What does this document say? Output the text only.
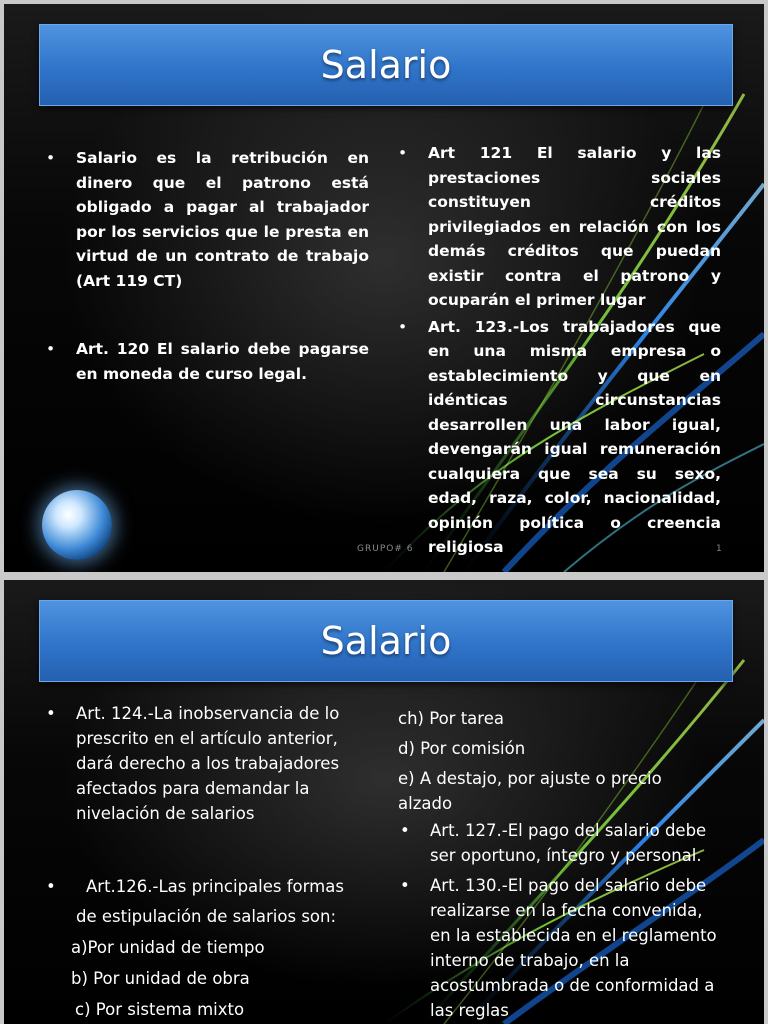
Salario
• Salario es la retribución en dinero que el patrono está obligado a pagar al trabajador por los servicios que le presta en virtud de un contrato de trabajo (Art 119 CT)
• Art. 120 El salario debe pagarse en moneda de curso legal.
• Art 121 El salario y las prestaciones sociales constituyen créditos privilegiados en relación con los demás créditos que puedan existir contra el patrono y ocuparán el primer lugar
• Art. 123.-Los trabajadores que en una misma empresa o establecimiento y que en idénticas circunstancias desarrollen una labor igual, devengarán igual remuneración cualquiera que sea su sexo, edad, raza, color, nacionalidad, opinión política o creencia religiosa
GRUPO# 6	1
Salario
• Art. 124.-La inobservancia de lo prescrito en el artículo anterior, dará derecho a los trabajadores afectados para demandar la nivelación de salarios
• Art.126.-Las principales formas
de estipulación de salarios son:
a)Por unidad de tiempo
b) Por unidad de obra
c) Por sistema mixto
ch) Por tarea
d) Por comisión
e) A destajo, por ajuste o precio alzado
• Art. 127.-El pago del salario debe ser oportuno, íntegro y personal.
• Art. 130.-El pago del salario debe realizarse en la fecha convenida, en la establecida en el reglamento interno de trabajo, en la acostumbrada o de conformidad a las reglas
